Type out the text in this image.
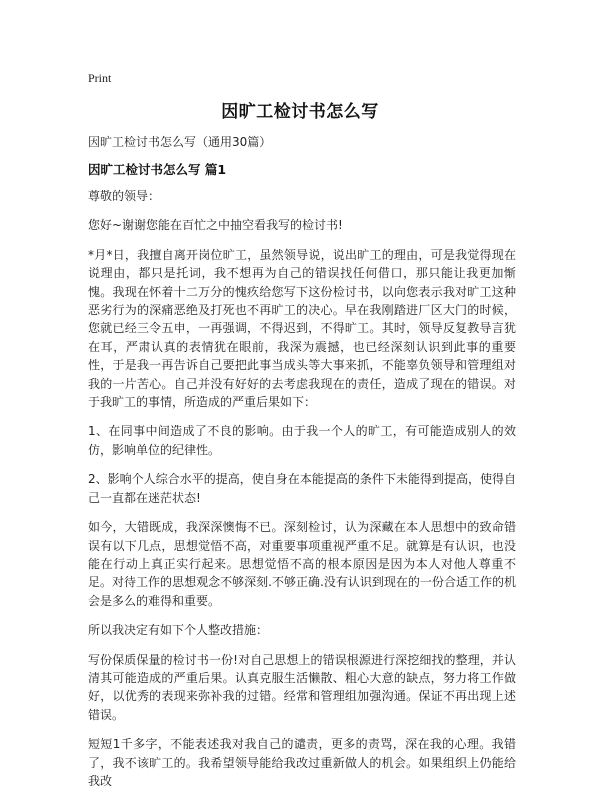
Print
因旷工检讨书怎么写
因旷工检讨书怎么写（通用30篇）
因旷工检讨书怎么写 篇1

尊敬的领导：

您好~谢谢您能在百忙之中抽空看我写的检讨书!

*月*日，我擅自离开岗位旷工，虽然领导说，说出旷工的理由，可是我觉得现在说理由，都只是托词，我不想再为自己的错误找任何借口，那只能让我更加惭愧。我现在怀着十二万分的愧疚给您写下这份检讨书，以向您表示我对旷工这种恶劣行为的深痛恶绝及打死也不再旷工的决心。早在我刚踏进厂区大门的时候，您就已经三令五申，一再强调，不得迟到，不得旷工。其时，领导反复教导言犹在耳，严肃认真的表情犹在眼前，我深为震撼，也已经深刻认识到此事的重要性，于是我一再告诉自己要把此事当成头等大事来抓，不能辜负领导和管理组对我的一片苦心。自己并没有好好的去考虑我现在的责任，造成了现在的错误。对于我旷工的事情，所造成的严重后果如下：

1、在同事中间造成了不良的影响。由于我一个人的旷工，有可能造成别人的效仿，影响单位的纪律性。

2、影响个人综合水平的提高，使自身在本能提高的条件下未能得到提高，使得自己一直都在迷茫状态!

如今，大错既成，我深深懊悔不已。深刻检讨，认为深藏在本人思想中的致命错误有以下几点，思想觉悟不高，对重要事项重视严重不足。就算是有认识，也没能在行动上真正实行起来。思想觉悟不高的根本原因是因为本人对他人尊重不足。对待工作的思想观念不够深刻.不够正确.没有认识到现在的一份合适工作的机会是多么的难得和重要。

所以我决定有如下个人整改措施：

写份保质保量的检讨书一份!对自己思想上的错误根源进行深挖细找的整理，并认清其可能造成的严重后果。认真克服生活懒散、粗心大意的缺点，努力将工作做好，以优秀的表现来弥补我的过错。经常和管理组加强沟通。保证不再出现上述错误。

短短1千多字，不能表述我对我自己的谴责，更多的责骂，深在我的心理。我错了，我不该旷工的。我希望领导能给我改过重新做人的机会。如果组织上仍能给我改
